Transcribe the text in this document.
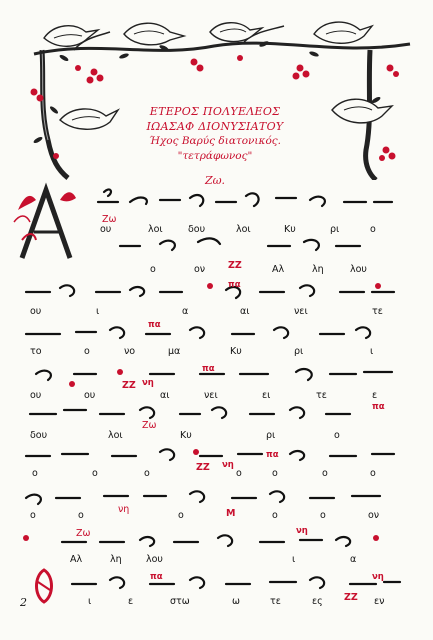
ΕΤΕΡΟΣ ΠΟΛΥΕΛΕΟΣ
ΙΩΑΣΑΦ ΔΙΟΝΥΣΙΑΤΟΥ
Ήχος Βαρύς διατονικός. "τετράφωνος"
Ζω.
Ζω
ου	λοι	δου	λοι	Κυ	ρι	ο
ο	ον ΖΖ	Αλ	λη	λου
ου	ι	α	αι	νει	τε
το	ο	νο	μα	Κυ	ρι	ι
ου	ου
ΖΖ
αι	νει	ει	τε	ε
δου	λοι
Ζω
Κυ	ρι	ο
ο	ο	ο
ΖΖ
ο	ο	ο	ο
ο	ο
νη
ο	Μ	ο	ο	ον
Ζω
Αλ	λη	λου	ι	α
ι	ε	στω	ω	τε	ες ΖΖ εν
πα
πα
νη
πα
πα
νη
πα
νη
πα	νη
2
